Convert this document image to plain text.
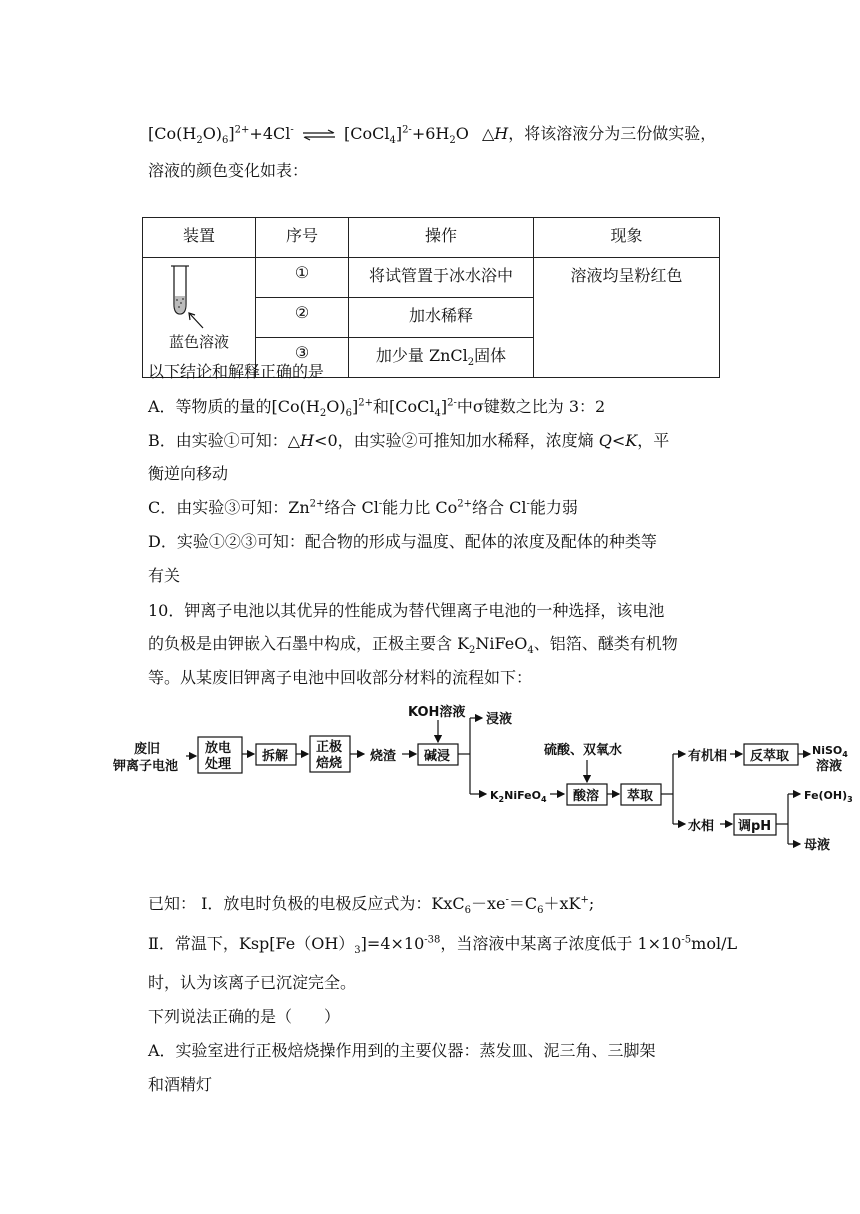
$[Co(H_2O)_6]^{2+}+4Cl^-$ ⇌ $[CoCl_4]^{2-}+6H_2O$ △H，将该溶液分为三份做实验，
溶液的颜色变化如表：
装置	序号	操作	现象

蓝色溶液	①	将试管置于冰水浴中	溶液均呈粉红色
	②	加水稀释	
	③	加少量 ZnCl$_2$固体	
以下结论和解释正确的是
A．等物质的量的$[Co(H_2O)_6]^{2+}$和[CoCl$_4$]$^{2-}$中σ键数之比为 3：2
B．由实验①可知：△H<0，由实验②可推知加水稀释，浓度熵 Q<K，平
衡逆向移动
C．由实验③可知：$Zn^{2+}$络合 Cl-能力比 $Co^{2+}$络合 Cl-能力弱
D．实验①②③可知：配合物的形成与温度、配体的浓度及配体的种类等
有关
10．钾离子电池以其优异的性能成为替代锂离子电池的一种选择，该电池
的负极是由钾嵌入石墨中构成，正极主要含 $K_2NiFeO_4$、铝箔、醚类有机物
等。从某废旧钾离子电池中回收部分材料的流程如下：
废旧
钾离子电池
放电
处理
拆解
正极
焙烧 烧渣
KOH溶液
碱浸
浸液
$K_2NiFeO_4$
硫酸、双氧水
酸溶 萃取
有机相 反萃取 NiSO$_4$
溶液
水相 调pH
$Fe(OH)_3$
母液
已知： I．放电时负极的电极反应式为：$KxC_6-xe^-=C_6+xK^+$;
Ⅱ．常温下，$Ksp[Fe(OH)_3]=4\times 10^{-38}$，当溶液中某离子浓度低于 $1\times 10^{-5}mol/L$
时，认为该离子已沉淀完全。
下列说法正确的是（　　）
A．实验室进行正极焙烧操作用到的主要仪器：蒸发皿、泥三角、三脚架
和酒精灯
